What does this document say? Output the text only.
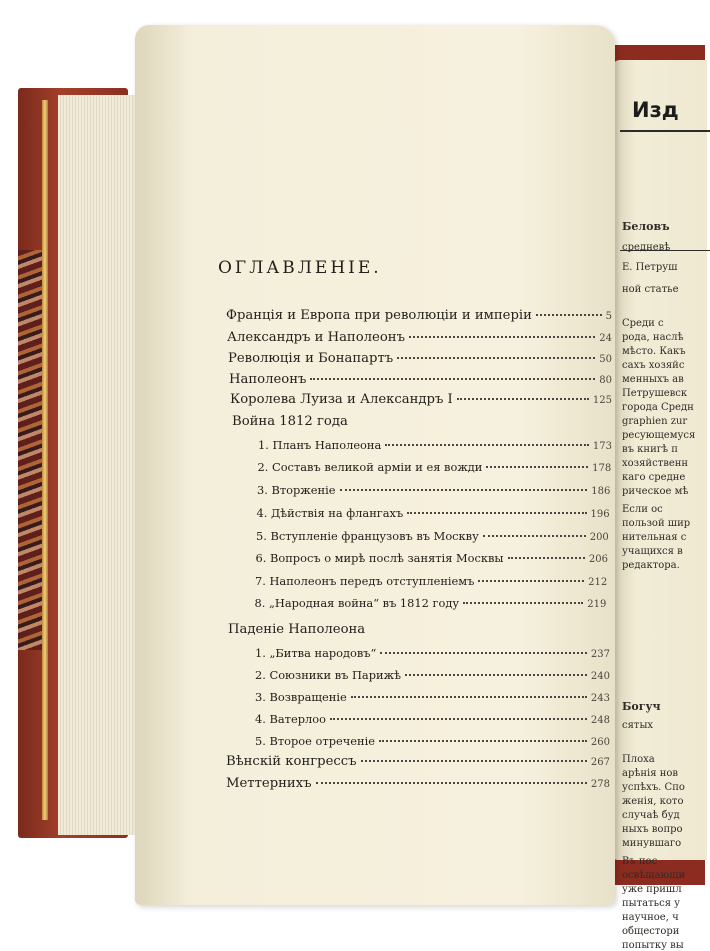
Изд
Беловъ
средневѣ
Е. Петруш
ной статье
Среди с
рода, наслѣ
мѣсто. Какъ
сахъ хозяйс
менныхъ ав
Петрушевск
города Средн
graphien zur
ресующемуся
въ книгѣ п
хозяйственн
каго средне
рическое мѣ
Если ос
пользой шир
нительная с
учащихся в
редактора.
Богуч
сятых
Плоха
арѣнія нов
успѣхъ. Спо
женія, кото
случаѣ буд
ныхъ вопро
минувшаго
Въ пос
освѣщающи
уже пришл
пытаться у
научное, ч
общестори
попытку вы
ОГЛАВЛЕНІЕ.
Франція и Европа при революціи и имперіи	5
Александръ и Наполеонъ	24
Революція и Бонапартъ	50
Наполеонъ	80
Королева Луиза и Александръ I	125
Война 1812 года
1. Планъ Наполеона	173
2. Составъ великой арміи и ея вожди	178
3. Вторженіе	186
4. Дѣйствія на флангахъ	196
5. Вступленіе французовъ въ Москву	200
6. Вопросъ о мирѣ послѣ занятія Москвы	206
7. Наполеонъ передъ отступленіемъ	212
8. „Народная война“ въ 1812 году	219
Паденіе Наполеона
1. „Битва народовъ“	237
2. Союзники въ Парижѣ	240
3. Возвращеніе	243
4. Ватерлоо	248
5. Второе отреченіе	260
Вѣнскій конгрессъ	267
Меттернихъ	278
